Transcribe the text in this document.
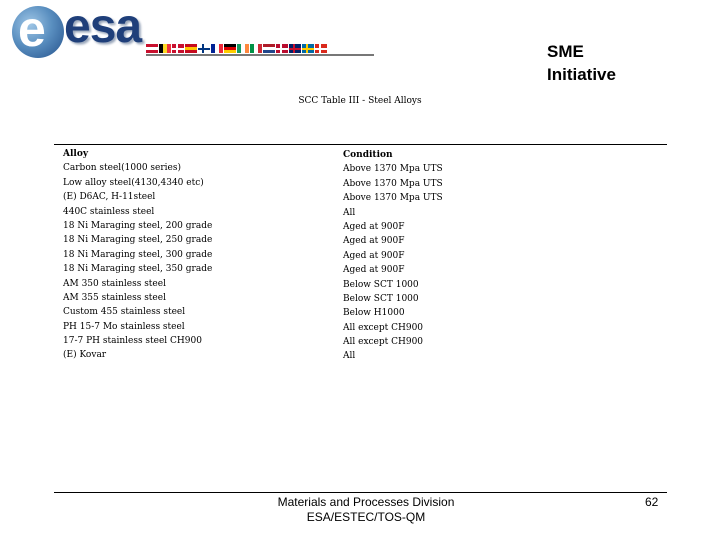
e esa	SME
Initiative
SCC Table III - Steel Alloys
Alloy
Carbon steel(1000 series)
Low alloy steel(4130,4340 etc)
(E) D6AC, H-11steel
440C stainless steel
18 Ni Maraging steel, 200 grade
18 Ni Maraging steel, 250 grade
18 Ni Maraging steel, 300 grade
18 Ni Maraging steel, 350 grade
AM 350 stainless steel
AM 355 stainless steel
Custom 455 stainless steel
PH 15-7 Mo stainless steel
17-7 PH stainless steel CH900
(E) Kovar
Condition
Above 1370 Mpa UTS
Above 1370 Mpa UTS
Above 1370 Mpa UTS
All
Aged at 900F
Aged at 900F
Aged at 900F
Aged at 900F
Below SCT 1000
Below SCT 1000
Below H1000
All except CH900
All except CH900
All
Materials and Processes Division
ESA/ESTEC/TOS-QM
62
